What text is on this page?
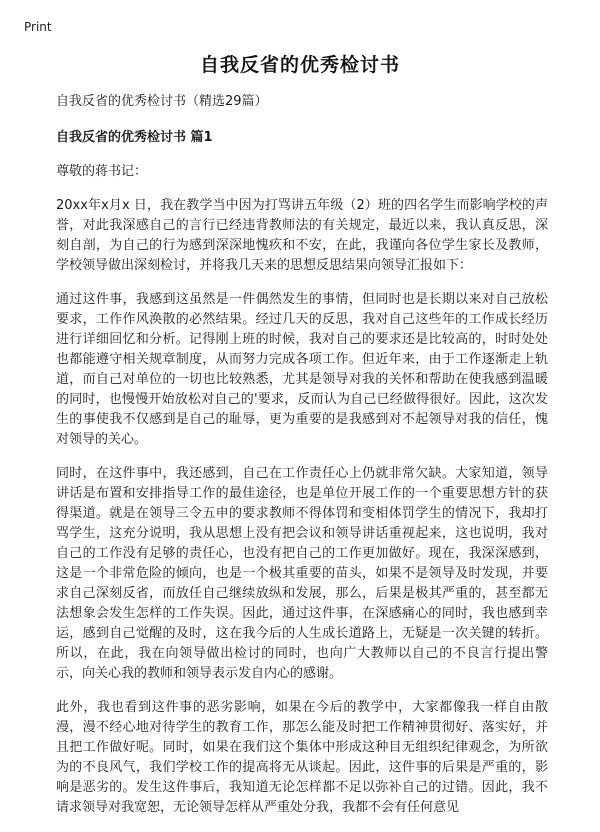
Print
自我反省的优秀检讨书
自我反省的优秀检讨书（精选29篇）
自我反省的优秀检讨书 篇1
尊敬的蒋书记：

20xx年x月x 日，我在教学当中因为打骂讲五年级（2）班的四名学生而影响学校的声誉，对此我深感自己的言行已经违背教师法的有关规定，最近以来，我认真反思，深刻自剖，为自己的行为感到深深地愧疚和不安，在此，我谨向各位学生家长及教师，学校领导做出深刻检讨，并将我几天来的思想反思结果向领导汇报如下：

通过这件事，我感到这虽然是一件偶然发生的事情，但同时也是长期以来对自己放松要求，工作作风涣散的必然结果。经过几天的反思，我对自己这些年的工作成长经历进行详细回忆和分析。记得刚上班的时候，我对自己的要求还是比较高的，时时处处也都能遵守相关规章制度，从而努力完成各项工作。但近年来，由于工作逐渐走上轨道，而自己对单位的一切也比较熟悉，尤其是领导对我的关怀和帮助在使我感到温暖的同时，也慢慢开始放松对自己的'要求，反而认为自己已经做得很好。因此，这次发生的事使我不仅感到是自己的耻辱，更为重要的是我感到对不起领导对我的信任，愧对领导的关心。

同时，在这件事中，我还感到，自己在工作责任心上仍就非常欠缺。大家知道，领导讲话是布置和安排指导工作的最佳途径，也是单位开展工作的一个重要思想方针的获得渠道。就是在领导三令五申的要求教师不得体罚和变相体罚学生的情况下，我却打骂学生，这充分说明，我从思想上没有把会议和领导讲话重视起来，这也说明，我对自己的工作没有足够的责任心，也没有把自己的工作更加做好。现在，我深深感到，这是一个非常危险的倾向，也是一个极其重要的苗头，如果不是领导及时发现，并要求自己深刻反省，而放任自己继续放纵和发展，那么，后果是极其严重的，甚至都无法想象会发生怎样的工作失误。因此，通过这件事，在深感痛心的同时，我也感到幸运，感到自己觉醒的及时，这在我今后的人生成长道路上，无疑是一次关键的转折。所以，在此，我在向领导做出检讨的同时，也向广大教师以自己的不良言行提出警示，向关心我的教师和领导表示发自内心的感谢。

此外，我也看到这件事的恶劣影响，如果在今后的教学中，大家都像我一样自由散漫，漫不经心地对待学生的教育工作，那怎么能及时把工作精神贯彻好、落实好，并且把工作做好呢。同时，如果在我们这个集体中形成这种目无组织纪律观念，为所欲为的不良风气，我们学校工作的提高将无从谈起。因此，这件事的后果是严重的，影响是恶劣的。发生这件事后，我知道无论怎样都不足以弥补自己的过错。因此，我不请求领导对我宽恕，无论领导怎样从严重处分我，我都不会有任何意见
